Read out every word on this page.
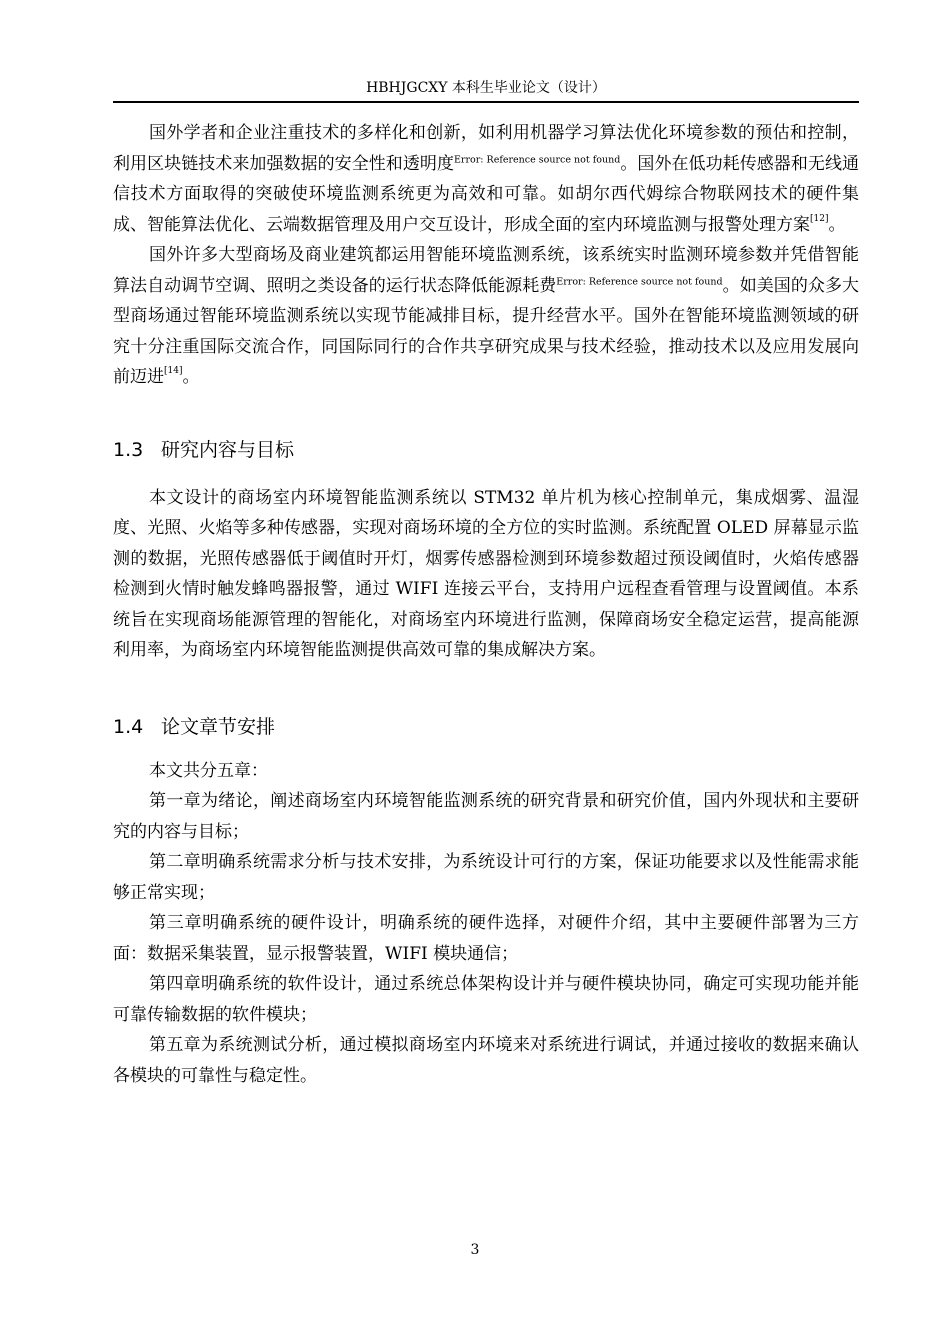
HBHJGCXY 本科生毕业论文（设计）

国外学者和企业注重技术的多样化和创新，如利用机器学习算法优化环境参数的预估和控制，利用区块链技术来加强数据的安全性和透明度$^{Error: Reference source not found}$。国外在低功耗传感器和无线通信技术方面取得的突破使环境监测系统更为高效和可靠。如胡尔西代姆综合物联网技术的硬件集成、智能算法优化、云端数据管理及用户交互设计，形成全面的室内环境监测与报警处理方案[12]。

国外许多大型商场及商业建筑都运用智能环境监测系统，该系统实时监测环境参数并凭借智能算法自动调节空调、照明之类设备的运行状态降低能源耗费$^{Error: Reference source not found}$。如美国的众多大型商场通过智能环境监测系统以实现节能减排目标，提升经营水平。国外在智能环境监测领域的研究十分注重国际交流合作，同国际同行的合作共享研究成果与技术经验，推动技术以及应用发展向前迈进[14]。

1.3 研究内容与目标

本文设计的商场室内环境智能监测系统以 STM32 单片机为核心控制单元，集成烟雾、温湿度、光照、火焰等多种传感器，实现对商场环境的全方位的实时监测。系统配置 OLED 屏幕显示监测的数据，光照传感器低于阈值时开灯，烟雾传感器检测到环境参数超过预设阈值时，火焰传感器检测到火情时触发蜂鸣器报警，通过 WIFI 连接云平台，支持用户远程查看管理与设置阈值。本系统旨在实现商场能源管理的智能化，对商场室内环境进行监测，保障商场安全稳定运营，提高能源利用率，为商场室内环境智能监测提供高效可靠的集成解决方案。

1.4 论文章节安排

本文共分五章：

第一章为绪论，阐述商场室内环境智能监测系统的研究背景和研究价值，国内外现状和主要研究的内容与目标；

第二章明确系统需求分析与技术安排，为系统设计可行的方案，保证功能要求以及性能需求能够正常实现；

第三章明确系统的硬件设计，明确系统的硬件选择，对硬件介绍，其中主要硬件部署为三方面：数据采集装置，显示报警装置，WIFI 模块通信；

第四章明确系统的软件设计，通过系统总体架构设计并与硬件模块协同，确定可实现功能并能可靠传输数据的软件模块；

第五章为系统测试分析，通过模拟商场室内环境来对系统进行调试，并通过接收的数据来确认各模块的可靠性与稳定性。

3
